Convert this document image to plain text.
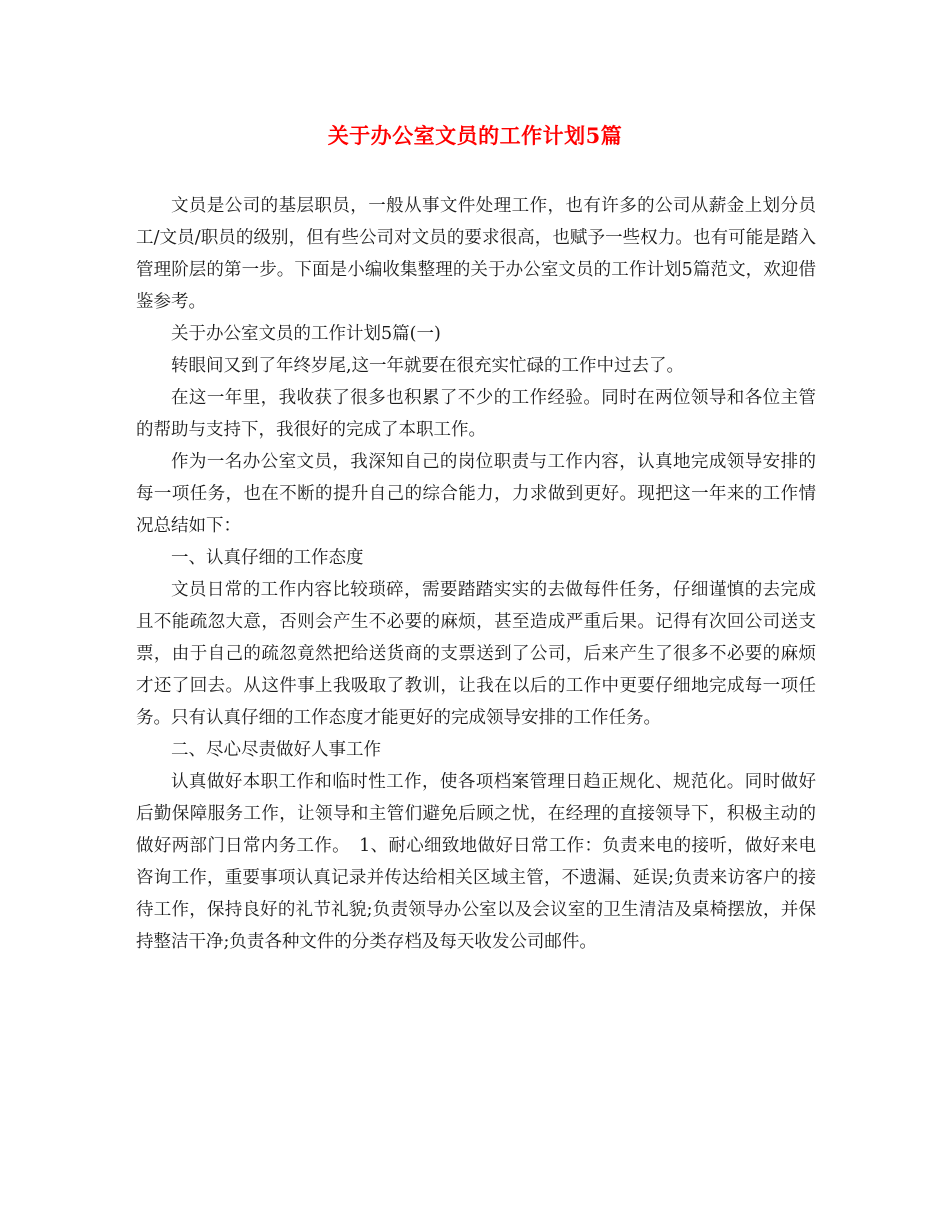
关于办公室文员的工作计划5篇

文员是公司的基层职员，一般从事文件处理工作，也有许多的公司从薪金上划分员工/文员/职员的级别，但有些公司对文员的要求很高，也赋予一些权力。也有可能是踏入管理阶层的第一步。下面是小编收集整理的关于办公室文员的工作计划5篇范文，欢迎借鉴参考。

关于办公室文员的工作计划5篇(一)

转眼间又到了年终岁尾,这一年就要在很充实忙碌的工作中过去了。

在这一年里，我收获了很多也积累了不少的工作经验。同时在两位领导和各位主管的帮助与支持下，我很好的完成了本职工作。

作为一名办公室文员，我深知自己的岗位职责与工作内容，认真地完成领导安排的每一项任务，也在不断的提升自己的综合能力，力求做到更好。现把这一年来的工作情况总结如下：

一、认真仔细的工作态度

文员日常的工作内容比较琐碎，需要踏踏实实的去做每件任务，仔细谨慎的去完成且不能疏忽大意，否则会产生不必要的麻烦，甚至造成严重后果。记得有次回公司送支票，由于自己的疏忽竟然把给送货商的支票送到了公司，后来产生了很多不必要的麻烦才还了回去。从这件事上我吸取了教训，让我在以后的工作中更要仔细地完成每一项任务。只有认真仔细的工作态度才能更好的完成领导安排的工作任务。

二、尽心尽责做好人事工作

认真做好本职工作和临时性工作，使各项档案管理日趋正规化、规范化。同时做好后勤保障服务工作，让领导和主管们避免后顾之忧，在经理的直接领导下，积极主动的做好两部门日常内务工作。　1、耐心细致地做好日常工作：负责来电的接听，做好来电咨询工作，重要事项认真记录并传达给相关区域主管，不遗漏、延误;负责来访客户的接待工作，保持良好的礼节礼貌;负责领导办公室以及会议室的卫生清洁及桌椅摆放，并保持整洁干净;负责各种文件的分类存档及每天收发公司邮件。
